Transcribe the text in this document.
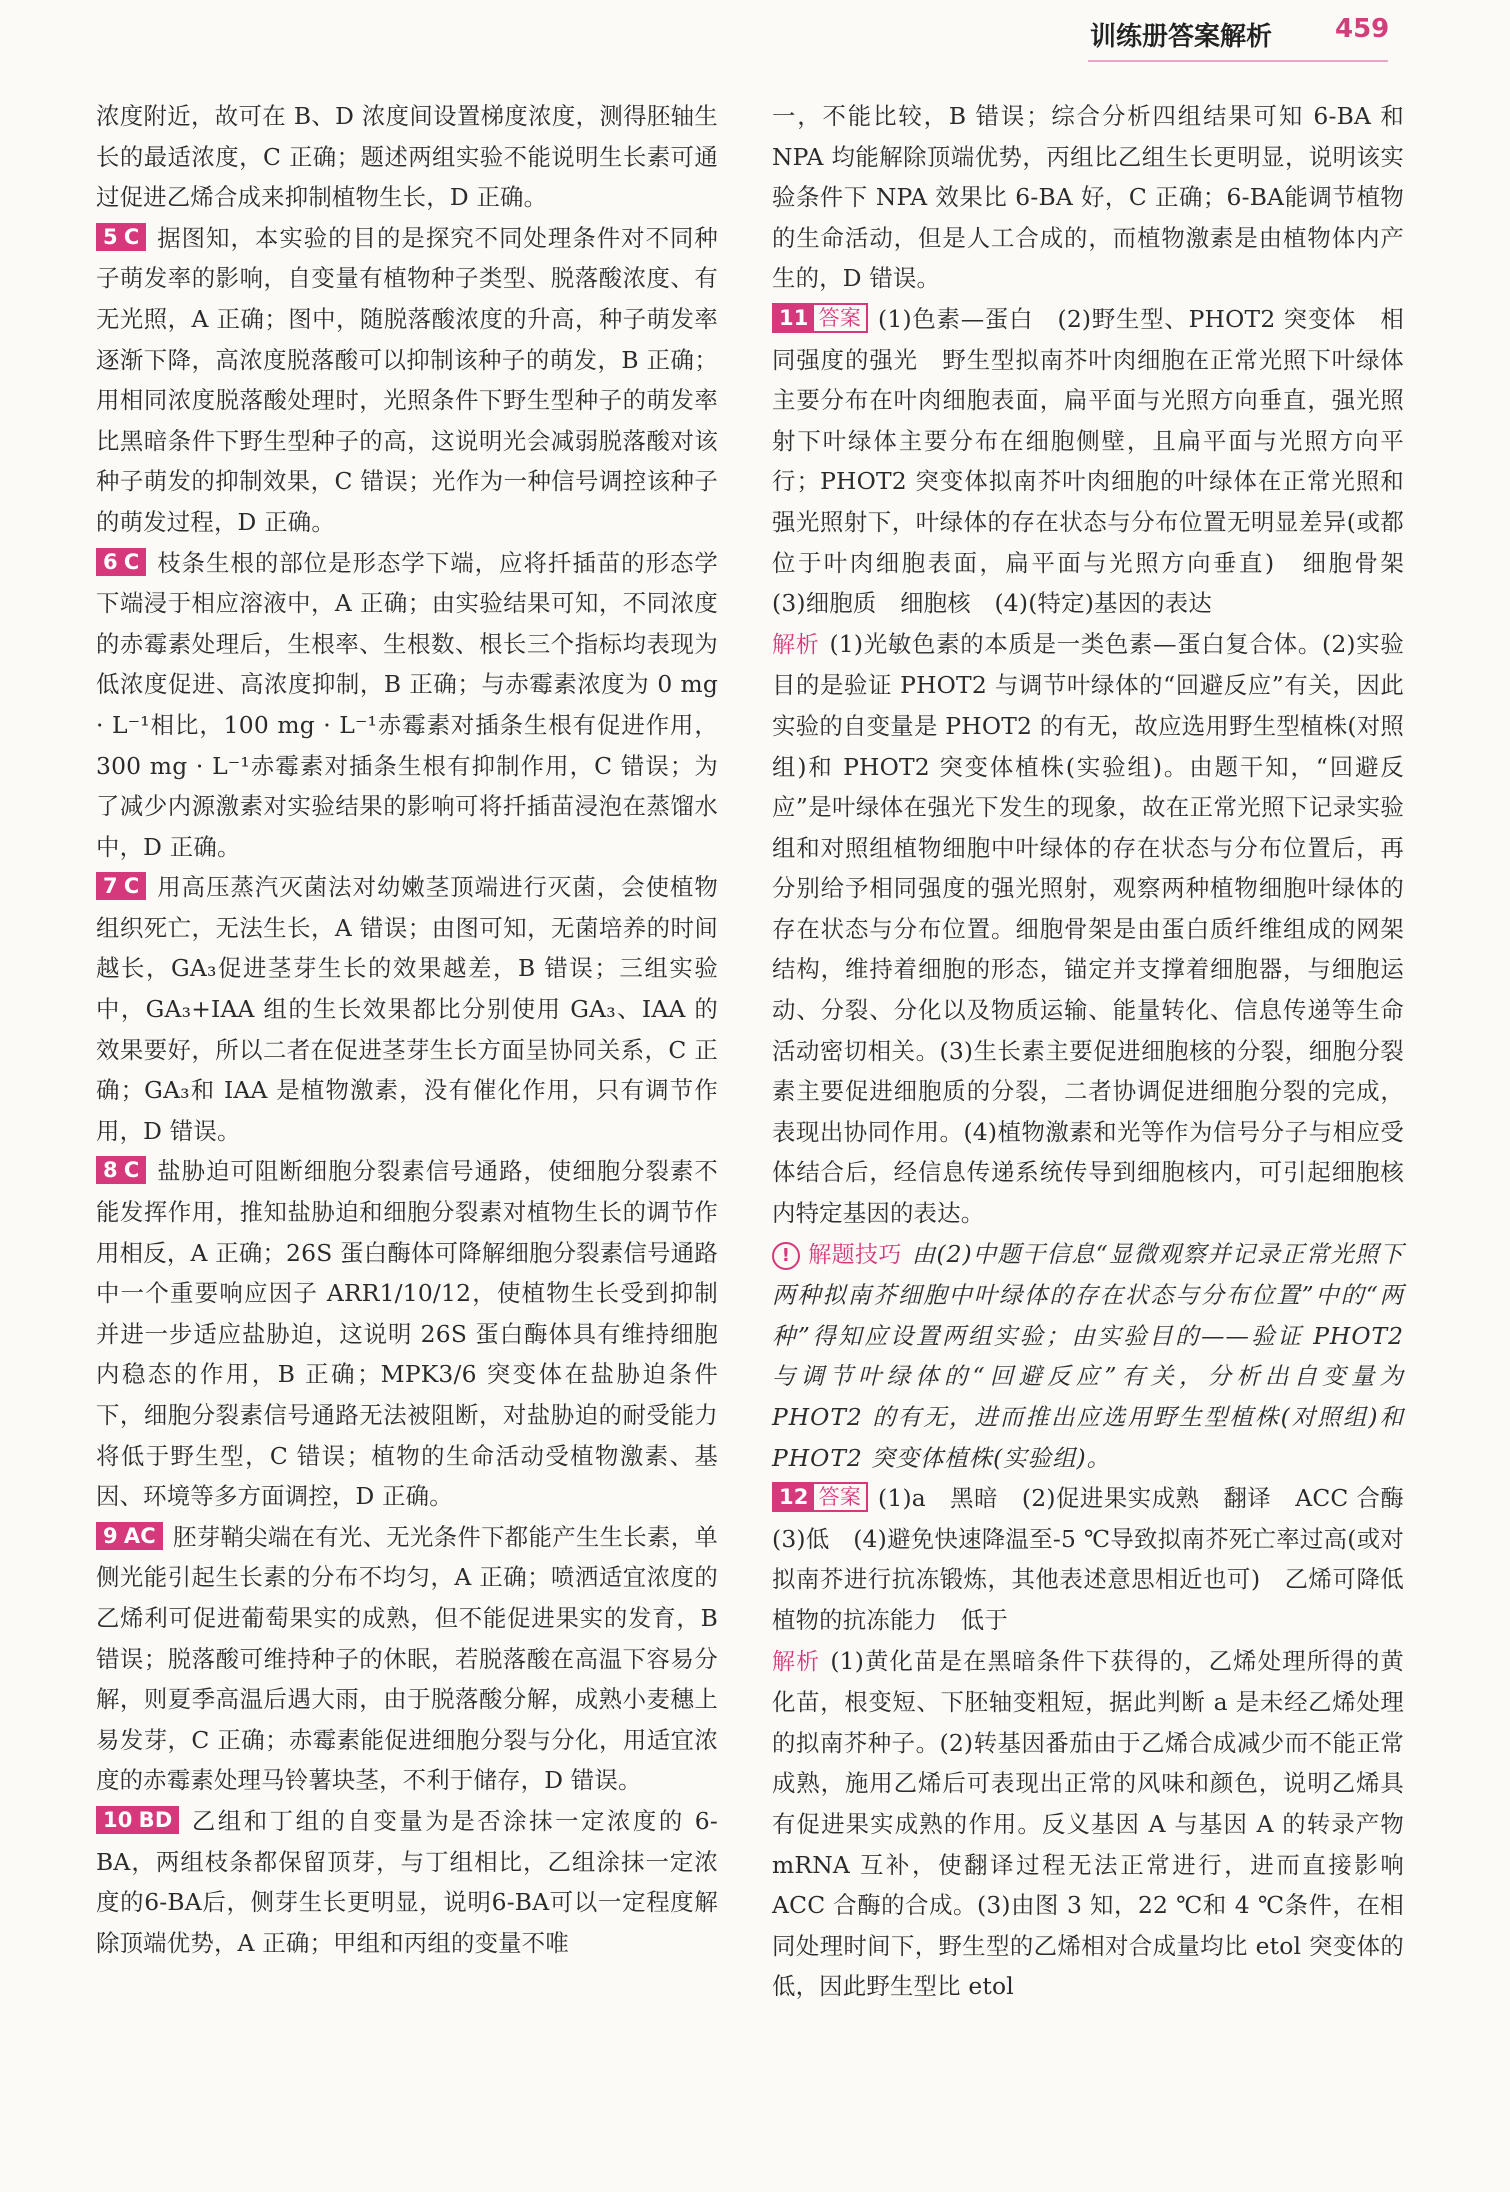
训练册答案解析 459

浓度附近，故可在 B、D 浓度间设置梯度浓度，测得胚轴生长的最适浓度，C 正确；题述两组实验不能说明生长素可通过促进乙烯合成来抑制植物生长，D 正确。

5 C 据图知，本实验的目的是探究不同处理条件对不同种子萌发率的影响，自变量有植物种子类型、脱落酸浓度、有无光照，A 正确；图中，随脱落酸浓度的升高，种子萌发率逐渐下降，高浓度脱落酸可以抑制该种子的萌发，B 正确；用相同浓度脱落酸处理时，光照条件下野生型种子的萌发率比黑暗条件下野生型种子的高，这说明光会减弱脱落酸对该种子萌发的抑制效果，C 错误；光作为一种信号调控该种子的萌发过程，D 正确。

6 C 枝条生根的部位是形态学下端，应将扦插苗的形态学下端浸于相应溶液中，A 正确；由实验结果可知，不同浓度的赤霉素处理后，生根率、生根数、根长三个指标均表现为低浓度促进、高浓度抑制，B 正确；与赤霉素浓度为 0 mg · L⁻¹相比，100 mg · L⁻¹赤霉素对插条生根有促进作用，300 mg · L⁻¹赤霉素对插条生根有抑制作用，C 错误；为了减少内源激素对实验结果的影响可将扦插苗浸泡在蒸馏水中，D 正确。

7 C 用高压蒸汽灭菌法对幼嫩茎顶端进行灭菌，会使植物组织死亡，无法生长，A 错误；由图可知，无菌培养的时间越长，GA₃促进茎芽生长的效果越差，B 错误；三组实验中，GA₃+IAA 组的生长效果都比分别使用 GA₃、IAA 的效果要好，所以二者在促进茎芽生长方面呈协同关系，C 正确；GA₃和 IAA 是植物激素，没有催化作用，只有调节作用，D 错误。

8 C 盐胁迫可阻断细胞分裂素信号通路，使细胞分裂素不能发挥作用，推知盐胁迫和细胞分裂素对植物生长的调节作用相反，A 正确；26S 蛋白酶体可降解细胞分裂素信号通路中一个重要响应因子 ARR1/10/12，使植物生长受到抑制并进一步适应盐胁迫，这说明 26S 蛋白酶体具有维持细胞内稳态的作用，B 正确；MPK3/6 突变体在盐胁迫条件下，细胞分裂素信号通路无法被阻断，对盐胁迫的耐受能力将低于野生型，C 错误；植物的生命活动受植物激素、基因、环境等多方面调控，D 正确。

9 AC 胚芽鞘尖端在有光、无光条件下都能产生生长素，单侧光能引起生长素的分布不均匀，A 正确；喷洒适宜浓度的乙烯利可促进葡萄果实的成熟，但不能促进果实的发育，B 错误；脱落酸可维持种子的休眠，若脱落酸在高温下容易分解，则夏季高温后遇大雨，由于脱落酸分解，成熟小麦穗上易发芽，C 正确；赤霉素能促进细胞分裂与分化，用适宜浓度的赤霉素处理马铃薯块茎，不利于储存，D 错误。

10 BD 乙组和丁组的自变量为是否涂抹一定浓度的 6-BA，两组枝条都保留顶芽，与丁组相比，乙组涂抹一定浓度的6-BA后，侧芽生长更明显，说明6-BA可以一定程度解除顶端优势，A 正确；甲组和丙组的变量不唯

一，不能比较，B 错误；综合分析四组结果可知 6-BA 和 NPA 均能解除顶端优势，丙组比乙组生长更明显，说明该实验条件下 NPA 效果比 6-BA 好，C 正确；6-BA能调节植物的生命活动，但是人工合成的，而植物激素是由植物体内产生的，D 错误。

11 答案 (1)色素—蛋白　(2)野生型、PHOT2 突变体　相同强度的强光　野生型拟南芥叶肉细胞在正常光照下叶绿体主要分布在叶肉细胞表面，扁平面与光照方向垂直，强光照射下叶绿体主要分布在细胞侧壁，且扁平面与光照方向平行；PHOT2 突变体拟南芥叶肉细胞的叶绿体在正常光照和强光照射下，叶绿体的存在状态与分布位置无明显差异(或都位于叶肉细胞表面，扁平面与光照方向垂直)　细胞骨架　(3)细胞质　细胞核　(4)(特定)基因的表达

解析 (1)光敏色素的本质是一类色素—蛋白复合体。(2)实验目的是验证 PHOT2 与调节叶绿体的“回避反应”有关，因此实验的自变量是 PHOT2 的有无，故应选用野生型植株(对照组)和 PHOT2 突变体植株(实验组)。由题干知，“回避反应”是叶绿体在强光下发生的现象，故在正常光照下记录实验组和对照组植物细胞中叶绿体的存在状态与分布位置后，再分别给予相同强度的强光照射，观察两种植物细胞叶绿体的存在状态与分布位置。细胞骨架是由蛋白质纤维组成的网架结构，维持着细胞的形态，锚定并支撑着细胞器，与细胞运动、分裂、分化以及物质运输、能量转化、信息传递等生命活动密切相关。(3)生长素主要促进细胞核的分裂，细胞分裂素主要促进细胞质的分裂，二者协调促进细胞分裂的完成，表现出协同作用。(4)植物激素和光等作为信号分子与相应受体结合后，经信息传递系统传导到细胞核内，可引起细胞核内特定基因的表达。

! 解题技巧 由(2)中题干信息“显微观察并记录正常光照下两种拟南芥细胞中叶绿体的存在状态与分布位置”中的“两种”得知应设置两组实验；由实验目的——验证 PHOT2 与调节叶绿体的“回避反应”有关，分析出自变量为 PHOT2 的有无，进而推出应选用野生型植株(对照组)和 PHOT2 突变体植株(实验组)。

12 答案 (1)a　黑暗　(2)促进果实成熟　翻译　ACC 合酶　(3)低　(4)避免快速降温至-5 ℃导致拟南芥死亡率过高(或对拟南芥进行抗冻锻炼，其他表述意思相近也可)　乙烯可降低植物的抗冻能力　低于

解析 (1)黄化苗是在黑暗条件下获得的，乙烯处理所得的黄化苗，根变短、下胚轴变粗短，据此判断 a 是未经乙烯处理的拟南芥种子。(2)转基因番茄由于乙烯合成减少而不能正常成熟，施用乙烯后可表现出正常的风味和颜色，说明乙烯具有促进果实成熟的作用。反义基因 A 与基因 A 的转录产物 mRNA 互补，使翻译过程无法正常进行，进而直接影响 ACC 合酶的合成。(3)由图 3 知，22 ℃和 4 ℃条件，在相同处理时间下，野生型的乙烯相对合成量均比 etol 突变体的低，因此野生型比 etol
